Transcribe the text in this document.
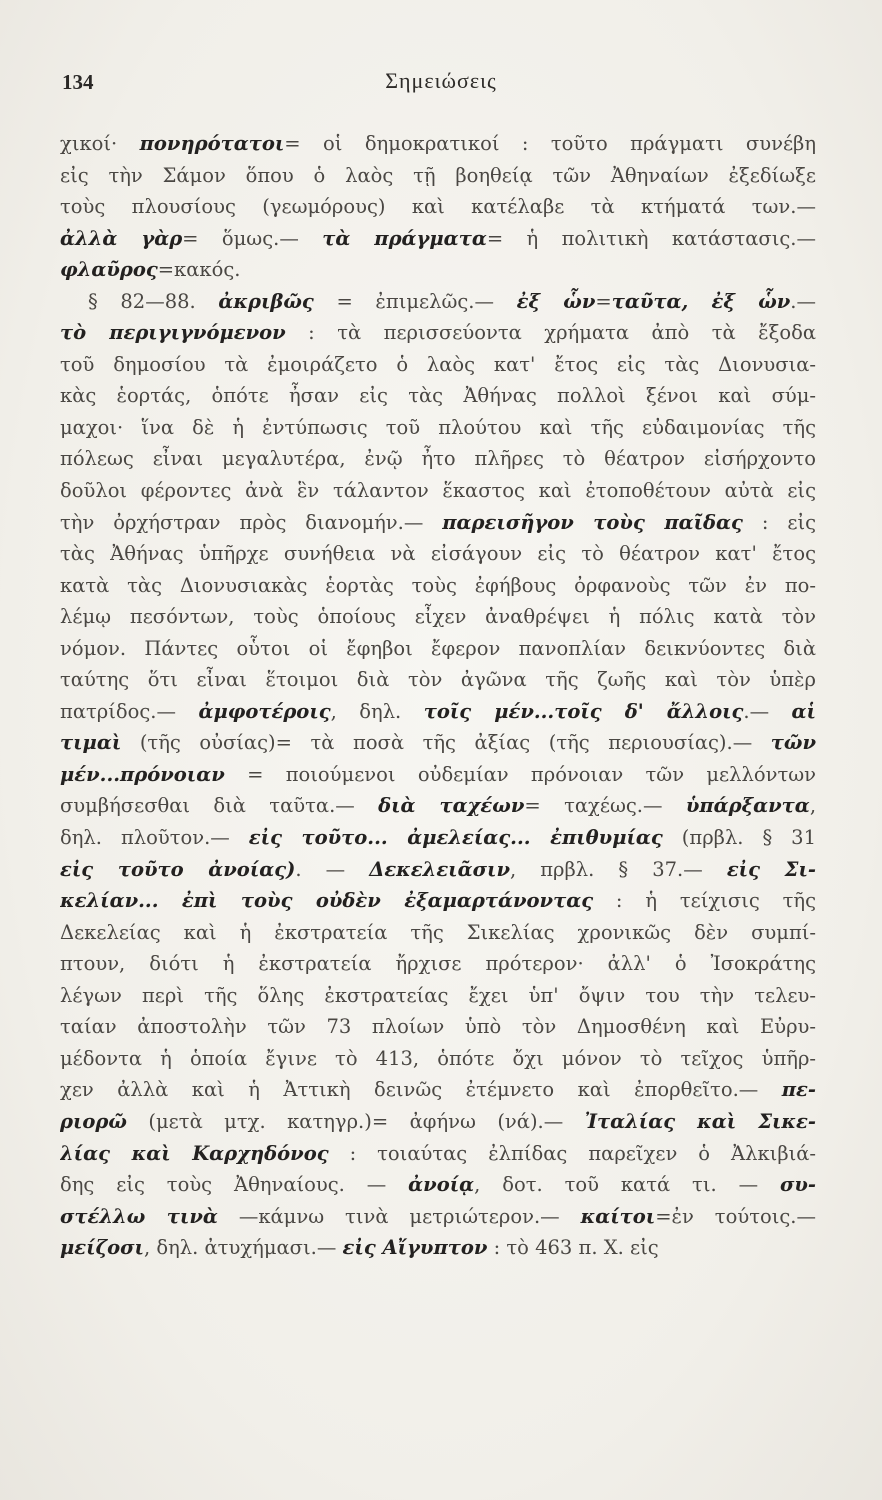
134	Σημειώσεις
χικοί· πονηρότατοι= οἱ δημοκρατικοί : τοῦτο πράγματι συνέβη
εἰς τὴν Σάμον ὅπου ὁ λαὸς τῇ βοηθείᾳ τῶν Ἀθηναίων ἐξεδίωξε
τοὺς πλουσίους (γεωμόρους) καὶ κατέλαβε τὰ κτήματά των.—
ἀλλὰ γὰρ= ὅμως.— τὰ πράγματα= ἡ πολιτικὴ κατάστασις.—
φλαῦρος=κακός.
§ 82—88. ἀκριβῶς = ἐπιμελῶς.— ἐξ ὧν=ταῦτα, ἐξ ὧν.—
τὸ περιγιγνόμενον : τὰ περισσεύοντα χρήματα ἀπὸ τὰ ἔξοδα
τοῦ δημοσίου τὰ ἐμοιράζετο ὁ λαὸς κατ' ἔτος εἰς τὰς Διονυσια-
κὰς ἑορτάς, ὁπότε ἦσαν εἰς τὰς Ἀθήνας πολλοὶ ξένοι καὶ σύμ-
μαχοι· ἵνα δὲ ἡ ἐντύπωσις τοῦ πλούτου καὶ τῆς εὐδαιμονίας τῆς
πόλεως εἶναι μεγαλυτέρα, ἐνῷ ἦτο πλῆρες τὸ θέατρον εἰσήρχοντο
δοῦλοι φέροντες ἀνὰ ἓν τάλαντον ἕκαστος καὶ ἐτοποθέτουν αὐτὰ εἰς
τὴν ὀρχήστραν πρὸς διανομήν.— παρεισῆγον τοὺς παῖδας : εἰς
τὰς Ἀθήνας ὑπῆρχε συνήθεια νὰ εἰσάγουν εἰς τὸ θέατρον κατ' ἔτος
κατὰ τὰς Διονυσιακὰς ἑορτὰς τοὺς ἐφήβους ὀρφανοὺς τῶν ἐν πο-
λέμῳ πεσόντων, τοὺς ὁποίους εἶχεν ἀναθρέψει ἡ πόλις κατὰ τὸν
νόμον. Πάντες οὗτοι οἱ ἔφηβοι ἔφερον πανοπλίαν δεικνύοντες διὰ
ταύτης ὅτι εἶναι ἕτοιμοι διὰ τὸν ἀγῶνα τῆς ζωῆς καὶ τὸν ὑπὲρ
πατρίδος.— ἀμφοτέροις, δηλ. τοῖς μέν...τοῖς δ' ἄλλοις.— αἱ
τιμαὶ (τῆς οὐσίας)= τὰ ποσὰ τῆς ἀξίας (τῆς περιουσίας).— τῶν
μέν...πρόνοιαν = ποιούμενοι οὐδεμίαν πρόνοιαν τῶν μελλόντων
συμβήσεσθαι διὰ ταῦτα.— διὰ ταχέων= ταχέως.— ὑπάρξαντα,
δηλ. πλοῦτον.— εἰς τοῦτο... ἀμελείας... ἐπιθυμίας (πρβλ. § 31
εἰς τοῦτο ἀνοίας). — Δεκελειᾶσιν, πρβλ. § 37.— εἰς Σι-
κελίαν... ἐπὶ τοὺς οὐδὲν ἐξαμαρτάνοντας : ἡ τείχισις τῆς
Δεκελείας καὶ ἡ ἐκστρατεία τῆς Σικελίας χρονικῶς δὲν συμπί-
πτουν, διότι ἡ ἐκστρατεία ἤρχισε πρότερον· ἀλλ' ὁ Ἰσοκράτης
λέγων περὶ τῆς ὅλης ἐκστρατείας ἔχει ὑπ' ὄψιν του τὴν τελευ-
ταίαν ἀποστολὴν τῶν 73 πλοίων ὑπὸ τὸν Δημοσθένη καὶ Εὐρυ-
μέδοντα ἡ ὁποία ἔγινε τὸ 413, ὁπότε ὄχι μόνον τὸ τεῖχος ὑπῆρ-
χεν ἀλλὰ καὶ ἡ Ἀττικὴ δεινῶς ἐτέμνετο καὶ ἐπορθεῖτο.— πε-
ριορῶ (μετὰ μτχ. κατηγρ.)= ἀφήνω (νά).— Ἰταλίας καὶ Σικε-
λίας καὶ Καρχηδόνος : τοιαύτας ἐλπίδας παρεῖχεν ὁ Ἀλκιβιά-
δης εἰς τοὺς Ἀθηναίους. — ἀνοίᾳ, δοτ. τοῦ κατά τι. — συ-
στέλλω τινὰ —κάμνω τινὰ μετριώτερον.— καίτοι=ἐν τούτοις.—
μείζοσι, δηλ. ἀτυχήμασι.— εἰς Αἴγυπτον : τὸ 463 π. Χ. εἰς
